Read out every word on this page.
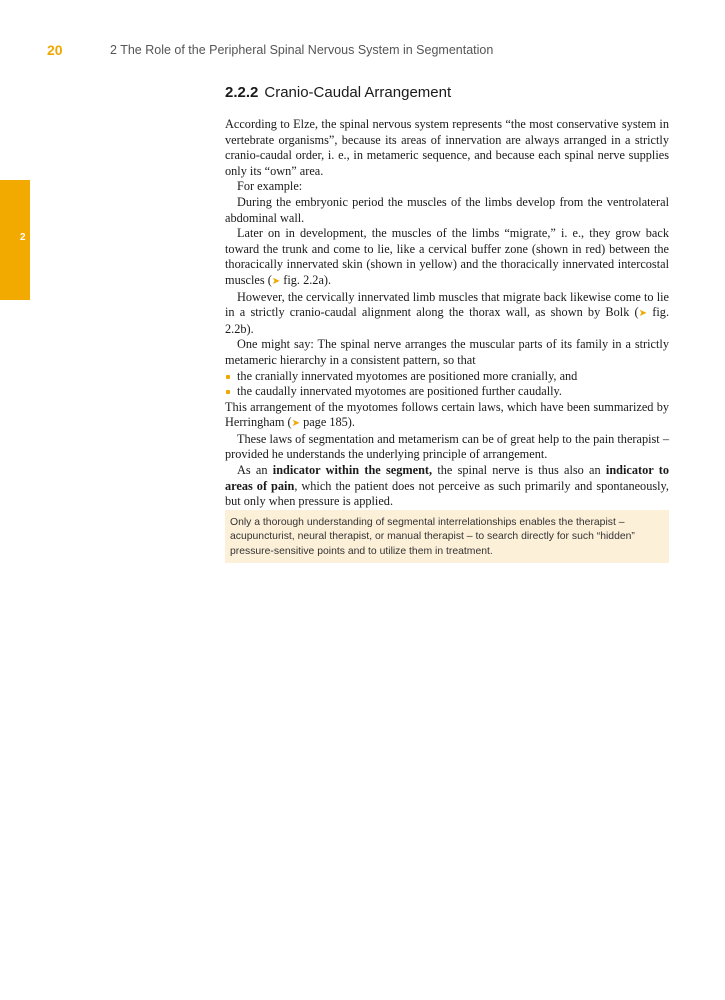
20	2 The Role of the Peripheral Spinal Nervous System in Segmentation
2
2.2.2 Cranio-Caudal Arrangement

According to Elze, the spinal nervous system represents “the most conservative system in vertebrate organisms”, because its areas of innervation are always arranged in a strictly cranio-caudal order, i. e., in metameric sequence, and because each spinal nerve supplies only its “own” area.

For example:

During the embryonic period the muscles of the limbs develop from the ventrolateral abdominal wall.

Later on in development, the muscles of the limbs “migrate,” i. e., they grow back toward the trunk and come to lie, like a cervical buffer zone (shown in red) between the thoracically innervated skin (shown in yellow) and the thoracically innervated intercostal muscles (➤ fig. 2.2a).

However, the cervically innervated limb muscles that migrate back likewise come to lie in a strictly cranio-caudal alignment along the thorax wall, as shown by Bolk (➤ fig. 2.2b).

One might say: The spinal nerve arranges the muscular parts of its family in a strictly metameric hierarchy in a consistent pattern, so that

the cranially innervated myotomes are positioned more cranially, and
the caudally innervated myotomes are positioned further caudally.

This arrangement of the myotomes follows certain laws, which have been summarized by Herringham (➤ page 185).

These laws of segmentation and metamerism can be of great help to the pain therapist – provided he understands the underlying principle of arrangement.

As an indicator within the segment, the spinal nerve is thus also an indicator to areas of pain, which the patient does not perceive as such primarily and spontaneously, but only when pressure is applied.

Only a thorough understanding of segmental interrelationships enables the therapist – acupuncturist, neural therapist, or manual therapist – to search directly for such “hidden” pressure-sensitive points and to utilize them in treatment.
